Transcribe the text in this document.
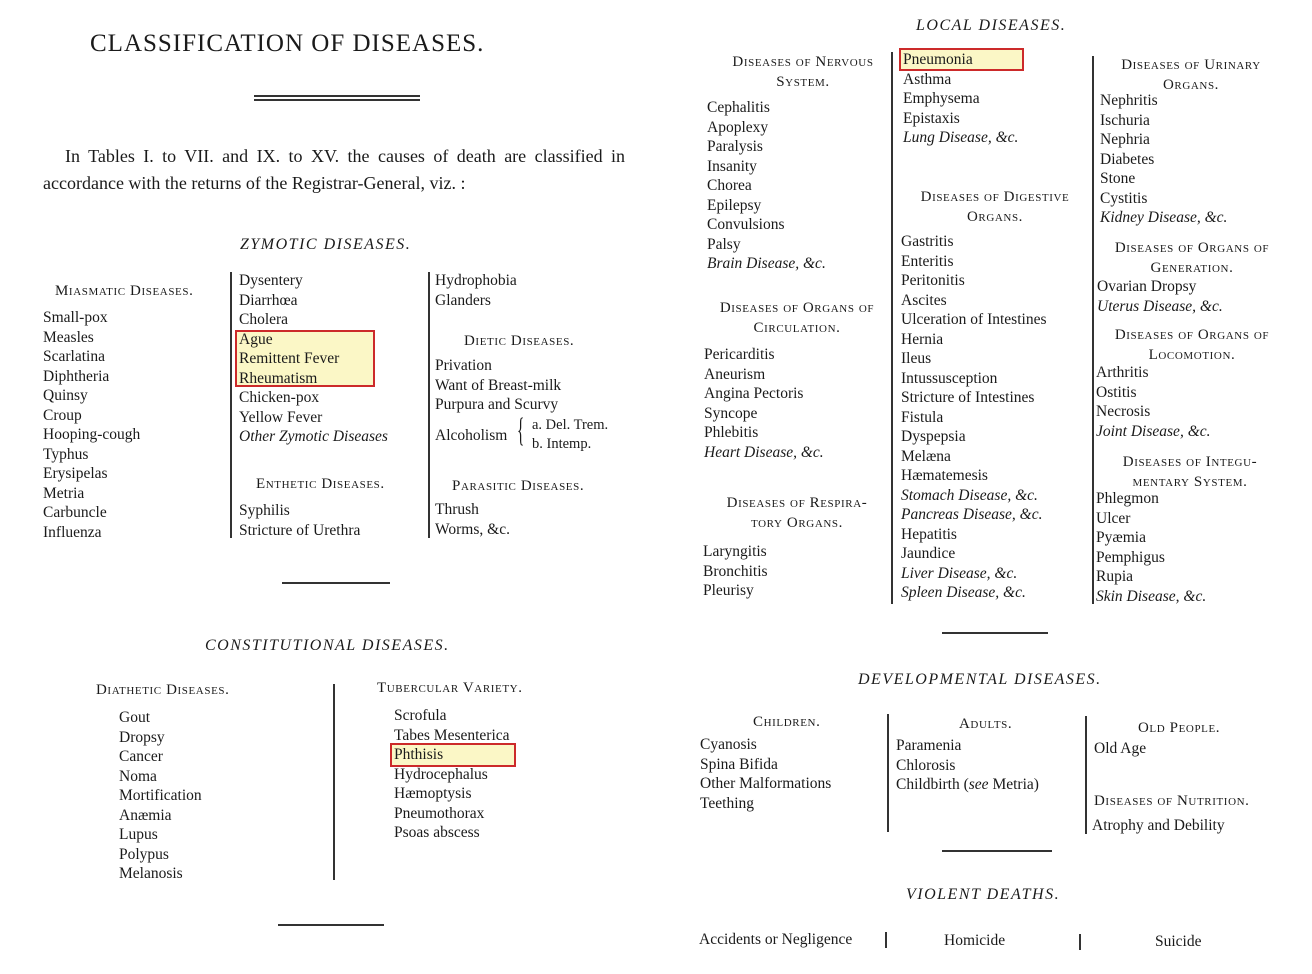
CLASSIFICATION OF DISEASES.
In Tables I. to VII. and IX. to XV. the causes of death are classified in accordance with the returns of the Registrar-General, viz. :
ZYMOTIC DISEASES.
Miasmatic Diseases.
Small-pox
Measles
Scarlatina
Diphtheria
Quinsy
Croup
Hooping-cough
Typhus
Erysipelas
Metria
Carbuncle
Influenza
Dysentery
Diarrhœa
Cholera
Ague
Remittent Fever
Rheumatism
Chicken-pox
Yellow Fever
Other Zymotic Diseases
Enthetic Diseases.
Syphilis
Stricture of Urethra
Hydrophobia
Glanders
Dietic Diseases.
Privation
Want of Breast-milk
Purpura and Scurvy
Alcoholism { a. Del. Trem.
b. Intemp.
Parasitic Diseases.
Thrush
Worms, &c.
CONSTITUTIONAL DISEASES.
Diathetic Diseases.
Gout
Dropsy
Cancer
Noma
Mortification
Anæmia
Lupus
Polypus
Melanosis
Tubercular Variety.
Scrofula
Tabes Mesenterica
Phthisis
Hydrocephalus
Hæmoptysis
Pneumothorax
Psoas abscess
LOCAL DISEASES.
Diseases of Nervous
System.
Cephalitis
Apoplexy
Paralysis
Insanity
Chorea
Epilepsy
Convulsions
Palsy
Brain Disease, &c.
Diseases of Organs of
Circulation.
Pericarditis
Aneurism
Angina Pectoris
Syncope
Phlebitis
Heart Disease, &c.
Diseases of Respira-
tory Organs.
Laryngitis
Bronchitis
Pleurisy
Pneumonia
Asthma
Emphysema
Epistaxis
Lung Disease, &c.
Diseases of Digestive
Organs.
Gastritis
Enteritis
Peritonitis
Ascites
Ulceration of Intestines
Hernia
Ileus
Intussusception
Stricture of Intestines
Fistula
Dyspepsia
Melæna
Hæmatemesis
Stomach Disease, &c.
Pancreas Disease, &c.
Hepatitis
Jaundice
Liver Disease, &c.
Spleen Disease, &c.
Diseases of Urinary
Organs.
Nephritis
Ischuria
Nephria
Diabetes
Stone
Cystitis
Kidney Disease, &c.
Diseases of Organs of
Generation.
Ovarian Dropsy
Uterus Disease, &c.
Diseases of Organs of
Locomotion.
Arthritis
Ostitis
Necrosis
Joint Disease, &c.
Diseases of Integu-
mentary System.
Phlegmon
Ulcer
Pyæmia
Pemphigus
Rupia
Skin Disease, &c.
DEVELOPMENTAL DISEASES.
Children.
Cyanosis
Spina Bifida
Other Malformations
Teething
Adults.
Paramenia
Chlorosis
Childbirth (see Metria)
Old People.
Old Age
Diseases of Nutrition.
Atrophy and Debility
VIOLENT DEATHS.
Accidents or Negligence	Homicide	Suicide
